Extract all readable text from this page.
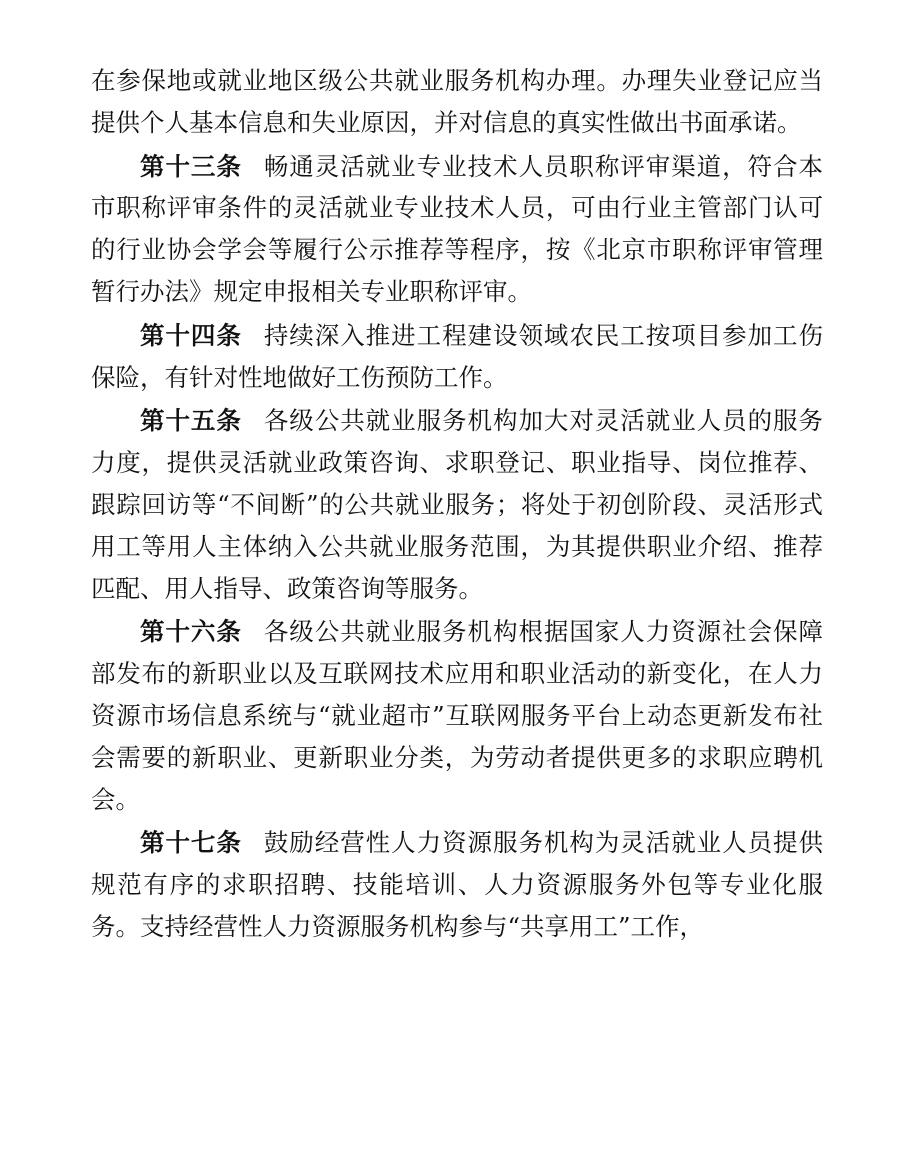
在参保地或就业地区级公共就业服务机构办理。办理失业登记应当提供个人基本信息和失业原因，并对信息的真实性做出书面承诺。

第十三条 畅通灵活就业专业技术人员职称评审渠道，符合本市职称评审条件的灵活就业专业技术人员，可由行业主管部门认可的行业协会学会等履行公示推荐等程序，按《北京市职称评审管理暂行办法》规定申报相关专业职称评审。

第十四条 持续深入推进工程建设领域农民工按项目参加工伤保险，有针对性地做好工伤预防工作。

第十五条 各级公共就业服务机构加大对灵活就业人员的服务力度，提供灵活就业政策咨询、求职登记、职业指导、岗位推荐、跟踪回访等“不间断”的公共就业服务；将处于初创阶段、灵活形式用工等用人主体纳入公共就业服务范围，为其提供职业介绍、推荐匹配、用人指导、政策咨询等服务。

第十六条 各级公共就业服务机构根据国家人力资源社会保障部发布的新职业以及互联网技术应用和职业活动的新变化，在人力资源市场信息系统与“就业超市”互联网服务平台上动态更新发布社会需要的新职业、更新职业分类，为劳动者提供更多的求职应聘机会。

第十七条 鼓励经营性人力资源服务机构为灵活就业人员提供规范有序的求职招聘、技能培训、人力资源服务外包等专业化服务。支持经营性人力资源服务机构参与“共享用工”工作，
